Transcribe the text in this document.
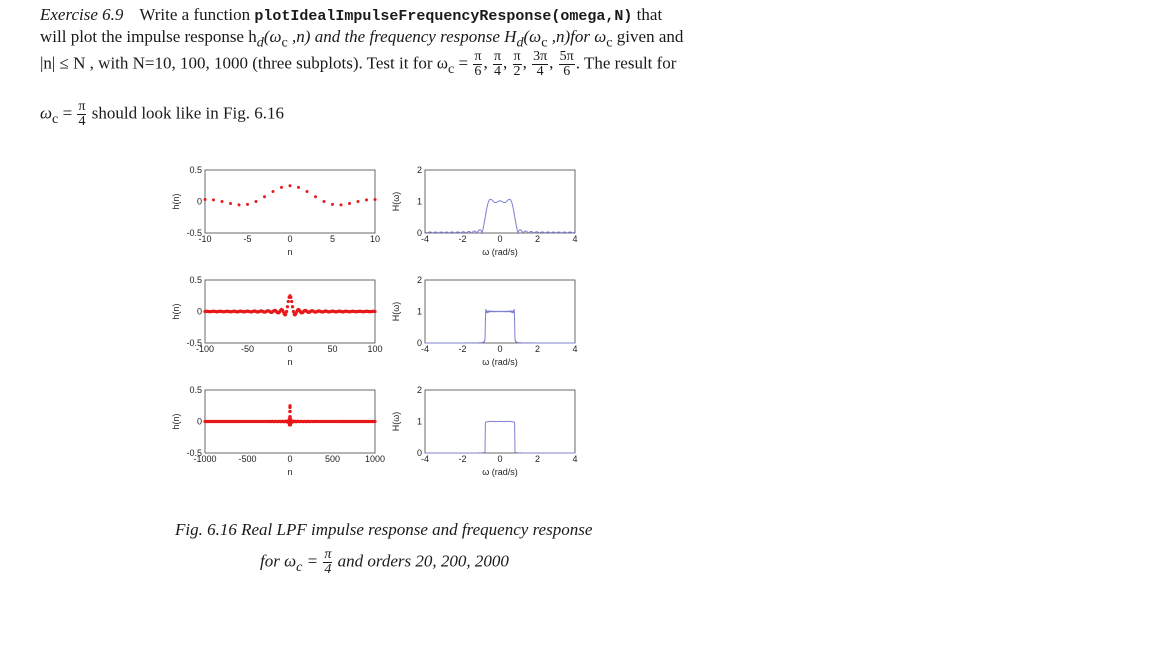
Exercise 6.9 Write a function plotIdealImpulseFrequencyResponse(omega,N) that
will plot the impulse response $h_d(\omega_c$ ,n) and the frequency response $H_d(\omega_c$ ,n)for $\omega_c$ given and
|n| ≤ N , with N=10, 100, 1000 (three subplots). Test it for $\omega_c = \frac{\pi}{6}$ , $\frac{\pi}{4}$ , $\frac{\pi}{2}$ , $\frac{3\pi}{4}$ , $\frac{5\pi}{6}$ . The result for
$\omega_c = \frac{\pi}{4}$ should look like in Fig. 6.16
-10	-5	0	5	10
0.5
0
-0.5
n
h(n)
-4	-2	0	2	4
2
1
0
ω (rad/s)
H(ω)
-100	-50	0	50	100
0.5
0
-0.5
n
h(n)
-4	-2	0	2	4
2
1
0
ω (rad/s)
H(ω)
-1000 -500	0	500	1000
0.5
0
-0.5
n
h(n)
-4	-2	0	2	4
2
1
0
ω (rad/s)
H(ω)
Fig. 6.16 Real LPF impulse response and frequency response
for $\omega_c = \frac{\pi}{4}$ and orders 20, 200, 2000
